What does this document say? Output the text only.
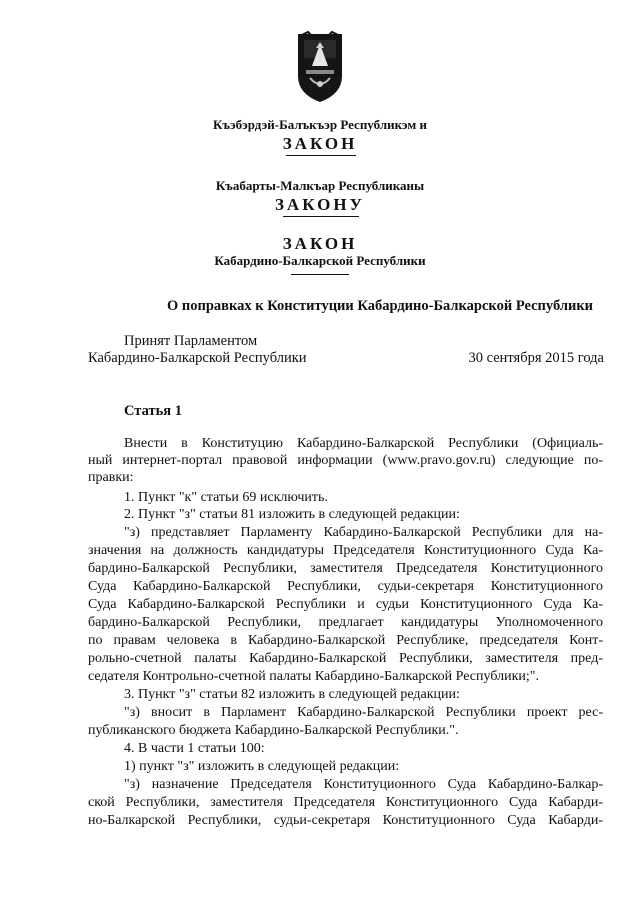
Къэбэрдэй-Балъкъэр Республикэм и
ЗАКОН
Къабарты-Малкъар Республиканы
ЗАКОНУ
ЗАКОН
Кабардино-Балкарской Республики
О поправках к Конституции Кабардино-Балкарской Республики
Принят Парламентом
Кабардино-Балкарской Республики	30 сентября 2015 года
Статья 1
Внести в Конституцию Кабардино-Балкарской Республики (Официаль-
ный интернет-портал правовой информации (www.pravo.gov.ru) следующие по-
правки:
1. Пункт "к" статьи 69 исключить.
2. Пункт "з" статьи 81 изложить в следующей редакции:
"з) представляет Парламенту Кабардино-Балкарской Республики для на-
значения на должность кандидатуры Председателя Конституционного Суда Ка-
бардино-Балкарской Республики, заместителя Председателя Конституционного
Суда Кабардино-Балкарской Республики, судьи-секретаря Конституционного
Суда Кабардино-Балкарской Республики и судьи Конституционного Суда Ка-
бардино-Балкарской Республики, предлагает кандидатуры Уполномоченного
по правам человека в Кабардино-Балкарской Республике, председателя Конт-
рольно-счетной палаты Кабардино-Балкарской Республики, заместителя пред-
седателя Контрольно-счетной палаты Кабардино-Балкарской Республики;".
3. Пункт "з" статьи 82 изложить в следующей редакции:
"з) вносит в Парламент Кабардино-Балкарской Республики проект рес-
публиканского бюджета Кабардино-Балкарской Республики.".
4. В части 1 статьи 100:
1) пункт "з" изложить в следующей редакции:
"з) назначение Председателя Конституционного Суда Кабардино-Балкар-
ской Республики, заместителя Председателя Конституционного Суда Кабарди-
но-Балкарской Республики, судьи-секретаря Конституционного Суда Кабарди-
